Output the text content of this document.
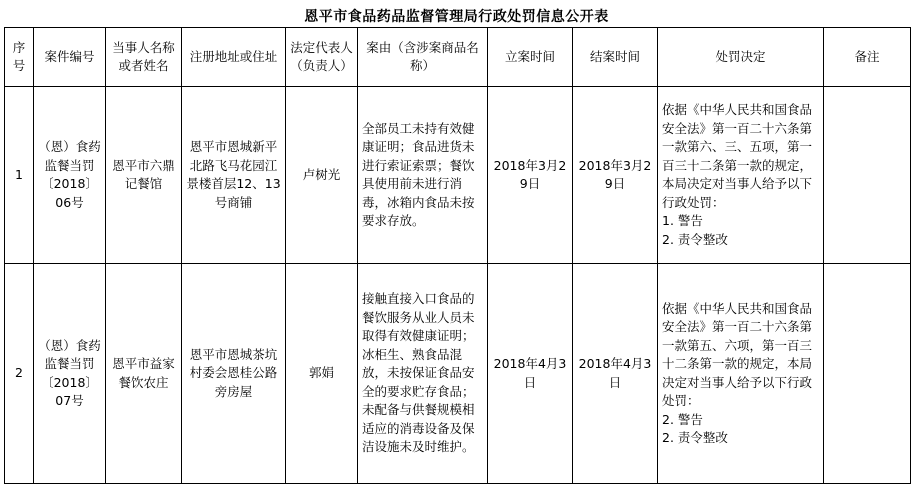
恩平市食品药品监督管理局行政处罚信息公开表
序号	案件编号	当事人名称或者姓名	注册地址或住址	法定代表人（负责人）	案由（含涉案商品名称）	立案时间	结案时间	处罚决定	备注
1	（恩）食药监餐当罚〔2018〕06号	恩平市六鼎记餐馆	恩平市恩城新平北路飞马花园江景楼首层12、13号商铺	卢树光	全部员工未持有效健康证明；食品进货未进行索证索票；餐饮具使用前未进行消毒，冰箱内食品未按要求存放。	2018年3月29日	2018年3月29日	依据《中华人民共和国食品安全法》第一百二十六条第一款第六、三、五项，第一百三十二条第一款的规定，本局决定对当事人给予以下行政处罚：
1. 警告
2. 责令整改	

2	（恩）食药监餐当罚〔2018〕07号	恩平市益家餐饮农庄	恩平市恩城茶坑村委会恩桂公路旁房屋	郭娟	接触直接入口食品的餐饮服务从业人员未取得有效健康证明；冰柜生、熟食品混放，未按保证食品安全的要求贮存食品；未配备与供餐规模相适应的消毒设备及保洁设施未及时维护。	2018年4月3日	2018年4月3日	依据《中华人民共和国食品安全法》第一百二十六条第一款第五、六项，第一百三十二条第一款的规定，本局决定对当事人给予以下行政处罚：
2. 警告
2. 责令整改	
